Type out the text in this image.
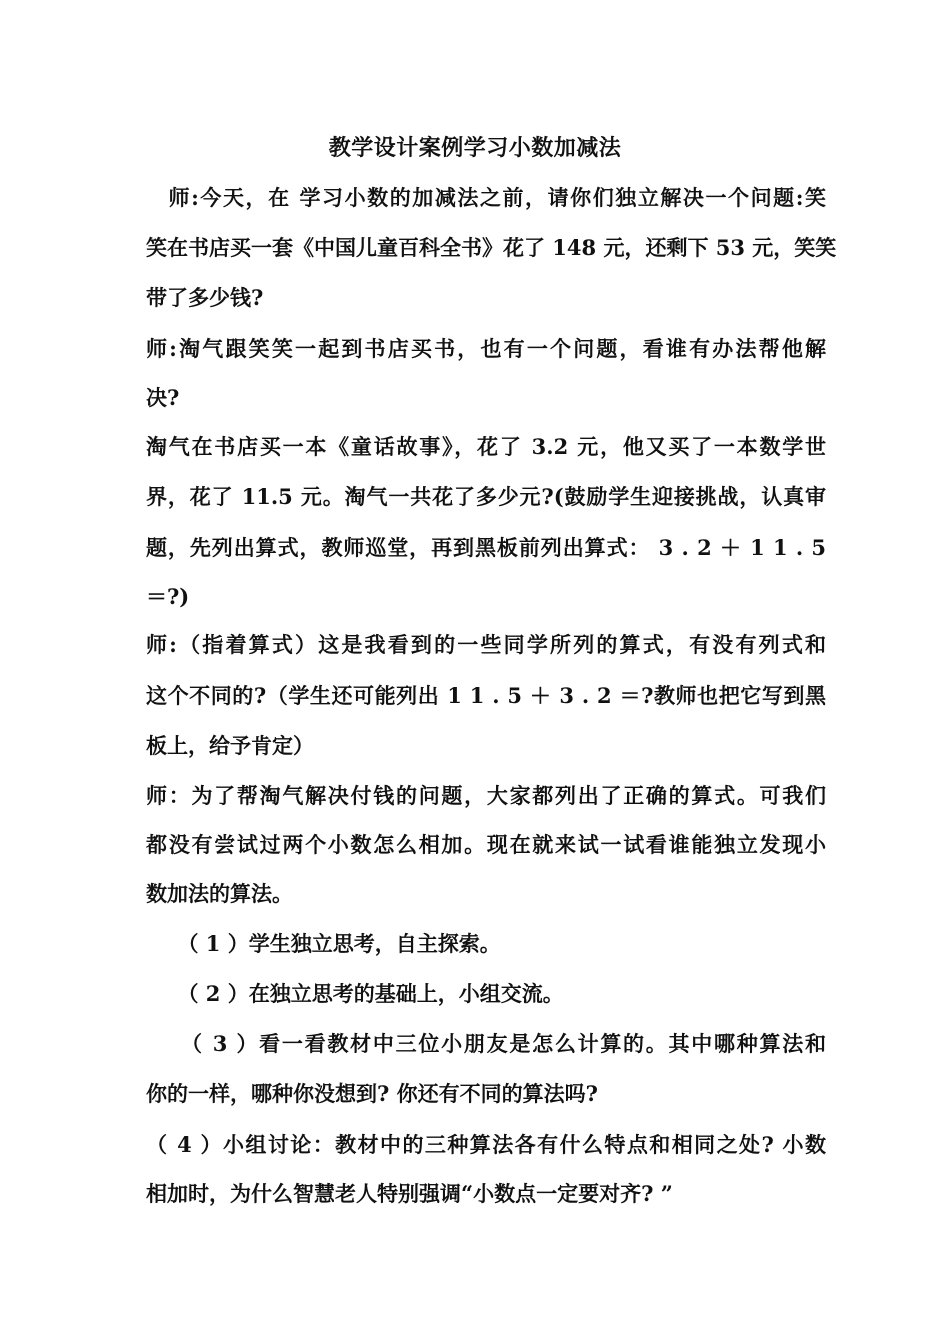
教学设计案例学习小数加减法
　师:今天，在 学习小数的加减法之前，请你们独立解决一个问题:笑
笑在书店买一套《中国儿童百科全书》花了 148 元，还剩下 53 元，笑笑
带了多少钱?
师:淘气跟笑笑一起到书店买书，也有一个问题，看谁有办法帮他解
决?
淘气在书店买一本《童话故事》，花了 3.2 元，他又买了一本数学世
界，花了 11.5 元。淘气一共花了多少元?(鼓励学生迎接挑战，认真审
题，先列出算式，教师巡堂，再到黑板前列出算式： 3 . 2 ＋ 1 1 . 5
＝?)
师:（指着算式）这是我看到的一些同学所列的算式，有没有列式和
这个不同的?（学生还可能列出 1 1 . 5 ＋ 3 . 2 ＝?教师也把它写到黑
板上，给予肯定）
师：为了帮淘气解决付钱的问题，大家都列出了正确的算式。可我们
都没有尝试过两个小数怎么相加。现在就来试一试看谁能独立发现小
数加法的算法。
　　（ 1 ）学生独立思考，自主探索。
　　（ 2 ）在独立思考的基础上，小组交流。
　　（ 3 ）看一看教材中三位小朋友是怎么计算的。其中哪种算法和
你的一样，哪种你没想到? 你还有不同的算法吗?
（ 4 ）小组讨论：教材中的三种算法各有什么特点和相同之处? 小数
相加时，为什么智慧老人特别强调“小数点一定要对齐? ”
